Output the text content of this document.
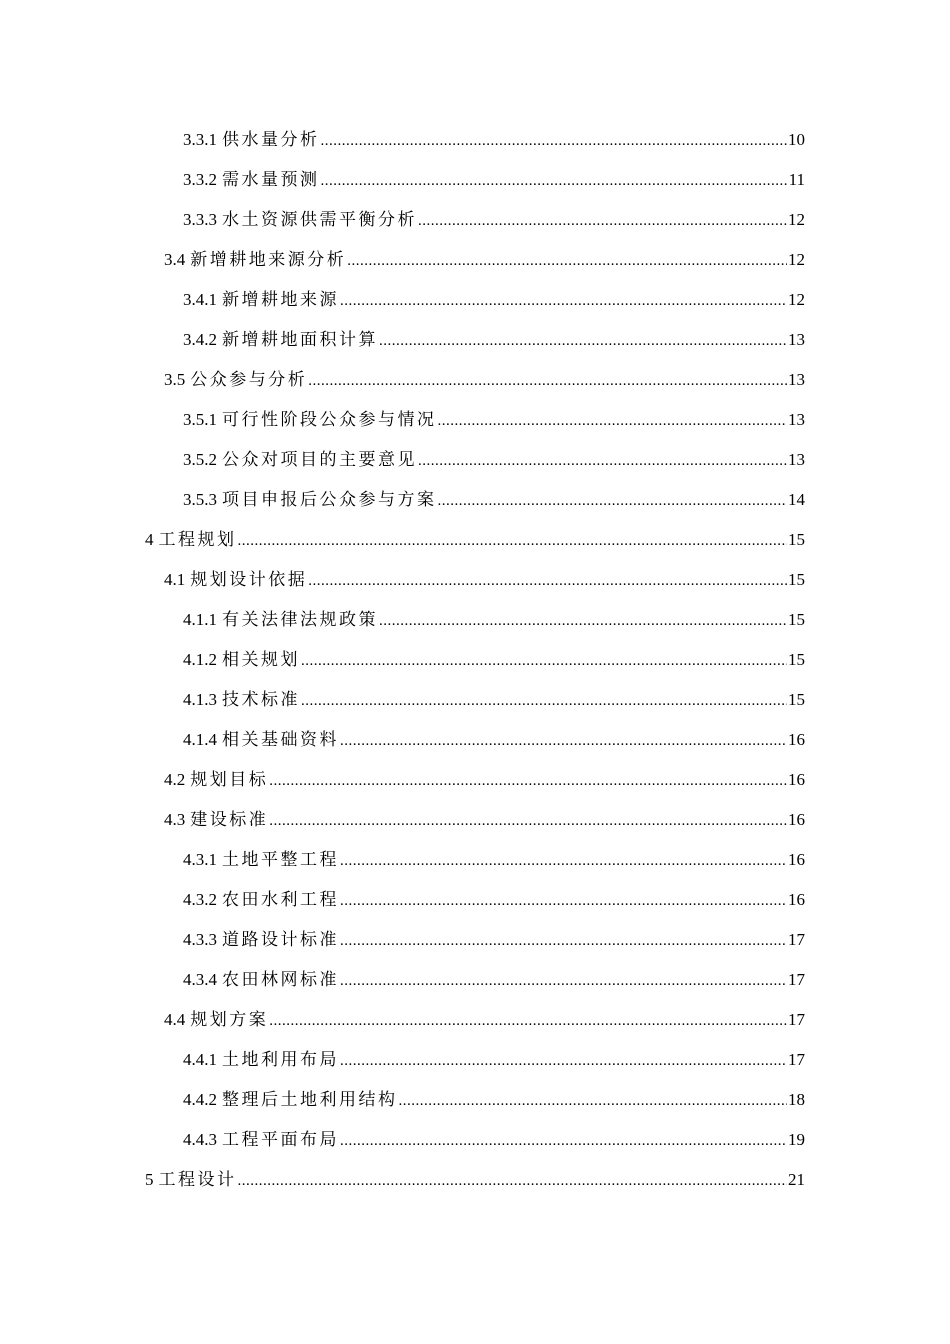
3.3.1 供水量分析 .....	10
3.3.2 需水量预测 .....	11
3.3.3 水土资源供需平衡分析 .....	12
3.4 新增耕地来源分析 .....	12
3.4.1 新增耕地来源 .....	12
3.4.2 新增耕地面积计算 .....	13
3.5 公众参与分析 .....	13
3.5.1 可行性阶段公众参与情况 .....	13
3.5.2 公众对项目的主要意见 .....	13
3.5.3 项目申报后公众参与方案 .....	14
4 工程规划 .....	15
4.1 规划设计依据 .....	15
4.1.1 有关法律法规政策 .....	15
4.1.2 相关规划 .....	15
4.1.3 技术标准 .....	15
4.1.4 相关基础资料 .....	16
4.2 规划目标 .....	16
4.3 建设标准 .....	16
4.3.1 土地平整工程 .....	16
4.3.2 农田水利工程 .....	16
4.3.3 道路设计标准 .....	17
4.3.4 农田林网标准 .....	17
4.4 规划方案 .....	17
4.4.1 土地利用布局 .....	17
4.4.2 整理后土地利用结构 .....	18
4.4.3 工程平面布局 .....	19
5 工程设计 .....	21
